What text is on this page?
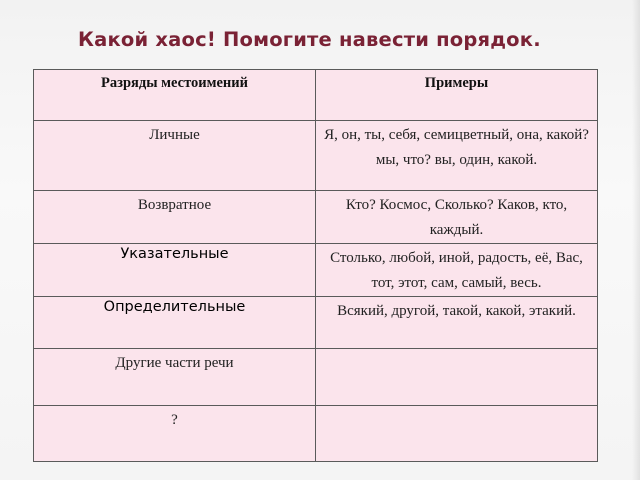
Какой хаос! Помогите навести порядок.
Разряды местоимений	Примеры
Личные	Я, он, ты, себя, семицветный, она, какой? мы, что? вы, один, какой.
Возвратное	Кто? Космос, Сколько? Каков, кто, каждый.
Указательные	Столько, любой, иной, радость, её, Вас, тот, этот, сам, самый, весь.
Определительные	Всякий, другой, такой, какой, этакий.
Другие части речи	
?	
